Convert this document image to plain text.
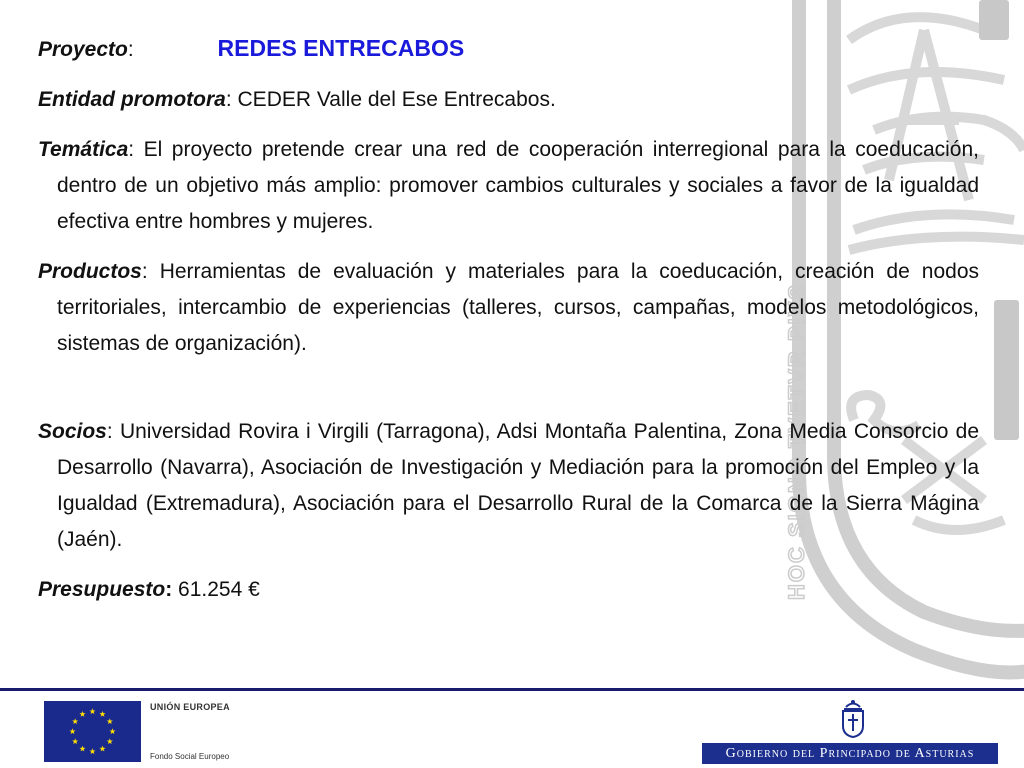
HOC SIGNO TVETVR PIVS

Proyecto:	REDES ENTRECABOS

Entidad promotora: CEDER Valle del Ese Entrecabos.

Temática: El proyecto pretende crear una red de cooperación interregional para la coeducación, dentro de un objetivo más amplio: promover cambios culturales y sociales a favor de la igualdad efectiva entre hombres y mujeres.

Productos: Herramientas de evaluación y materiales para la coeducación, creación de nodos territoriales, intercambio de experiencias (talleres, cursos, campañas, modelos metodológicos, sistemas de organización).

Socios: Universidad Rovira i Virgili (Tarragona), Adsi Montaña Palentina, Zona Media Consorcio de Desarrollo (Navarra), Asociación de Investigación y Mediación para la promoción del Empleo y la Igualdad (Extremadura), Asociación para el Desarrollo Rural de la Comarca de la Sierra Mágina (Jaén).

Presupuesto: 61.254 €

UNIÓN EUROPEA
Fondo Social Europeo	Gobierno del Principado de Asturias
